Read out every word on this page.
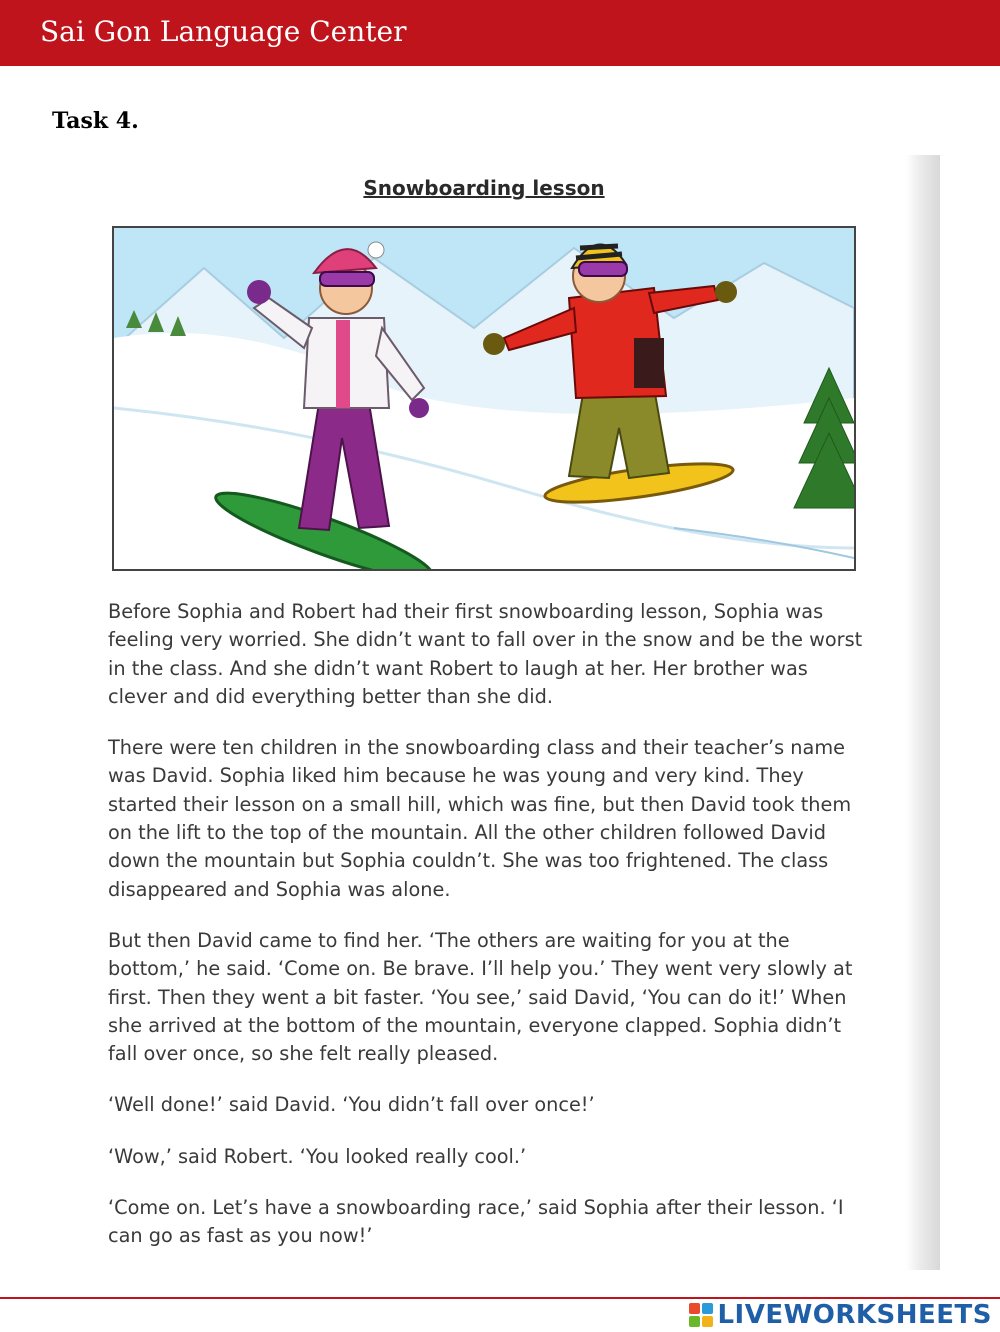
Sai Gon Language Center
Task 4.
Snowboarding lesson

Before Sophia and Robert had their first snowboarding lesson, Sophia was feeling very worried. She didn’t want to fall over in the snow and be the worst in the class. And she didn’t want Robert to laugh at her. Her brother was clever and did everything better than she did.

There were ten children in the snowboarding class and their teacher’s name was David. Sophia liked him because he was young and very kind. They started their lesson on a small hill, which was fine, but then David took them on the lift to the top of the mountain. All the other children followed David down the mountain but Sophia couldn’t. She was too frightened. The class disappeared and Sophia was alone.

But then David came to find her. ‘The others are waiting for you at the bottom,’ he said. ‘Come on. Be brave. I’ll help you.’ They went very slowly at first. Then they went a bit faster. ‘You see,’ said David, ‘You can do it!’ When she arrived at the bottom of the mountain, everyone clapped. Sophia didn’t fall over once, so she felt really pleased.

‘Well done!’ said David. ‘You didn’t fall over once!’

‘Wow,’ said Robert. ‘You looked really cool.’

‘Come on. Let’s have a snowboarding race,’ said Sophia after their lesson. ‘I can go as fast as you now!’

LIVEWORKSHEETS
